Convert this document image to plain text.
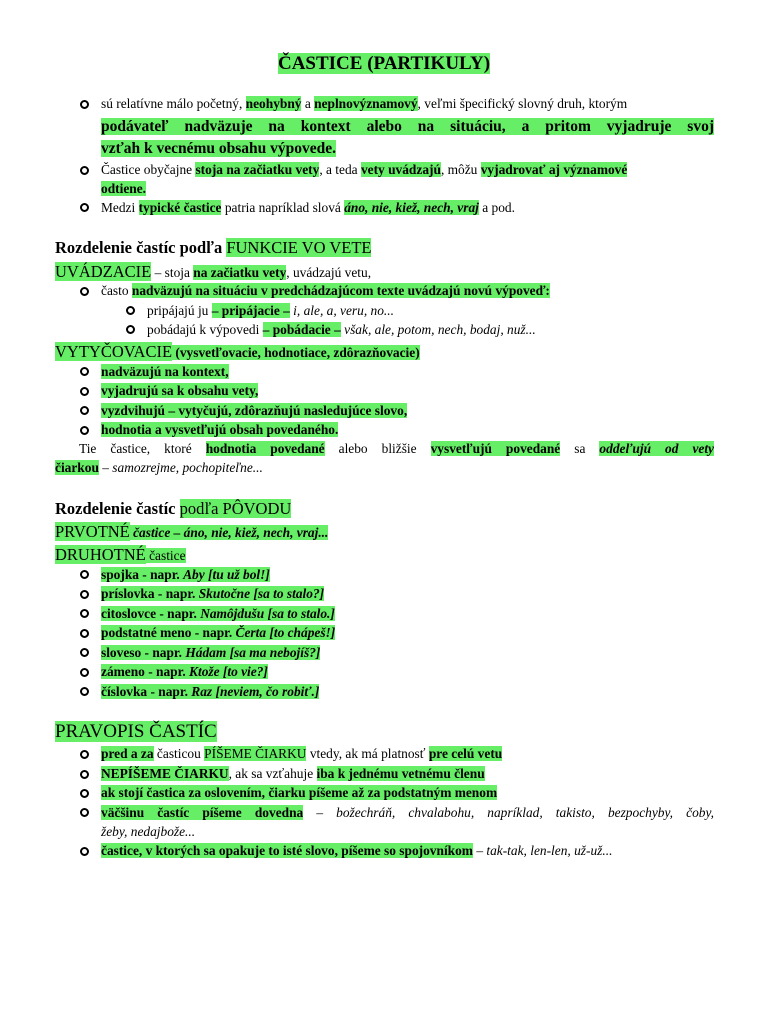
ČASTICE (PARTIKULY)
sú relatívne málo početný, neohybný a neplnovýznamový, veľmi špecifický slovný druh, ktorým
podávateľ nadväzuje na kontext alebo na situáciu, a pritom vyjadruje svoj
vzťah k vecnému obsahu výpovede.
Častice obyčajne stoja na začiatku vety, a teda vety uvádzajú, môžu vyjadrovať aj významové
odtiene.
Medzi typické častice patria napríklad slová áno, nie, kiež, nech, vraj a pod.
Rozdelenie častíc podľa FUNKCIE VO VETE
UVÁDZACIE – stoja na začiatku vety, uvádzajú vetu,
často nadväzujú na situáciu v predchádzajúcom texte uvádzajú novú výpoveď:
pripájajú ju – pripájacie – i, ale, a, veru, no...
pobádajú k výpovedi – pobádacie – však, ale, potom, nech, bodaj, nuž...
VYTYČOVACIE (vysvetľovacie, hodnotiace, zdôrazňovacie)
nadväzujú na kontext,
vyjadrujú sa k obsahu vety,
vyzdvihujú – vytyčujú, zdôrazňujú nasledujúce slovo,
hodnotia a vysvetľujú obsah povedaného.
Tie častice, ktoré hodnotia povedané alebo bližšie vysvetľujú povedané sa oddeľujú od vety
čiarkou – samozrejme, pochopiteľne...
Rozdelenie častíc podľa PÔVODU
PRVOTNÉ častice – áno, nie, kiež, nech, vraj...
DRUHOTNÉ častice
spojka - napr. Aby [tu už bol!]
príslovka - napr. Skutočne [sa to stalo?]
citoslovce - napr. Namôjdušu [sa to stalo.]
podstatné meno - napr. Čerta [to chápeš!]
sloveso - napr. Hádam [sa ma nebojíš?]
zámeno - napr. Ktože [to vie?]
číslovka - napr. Raz [neviem, čo robiť.]
PRAVOPIS ČASTÍC
pred a za časticou PÍŠEME ČIARKU vtedy, ak má platnosť pre celú vetu
NEPÍŠEME ČIARKU, ak sa vzťahuje iba k jednému vetnému členu
ak stojí častica za oslovením, čiarku píšeme až za podstatným menom
väčšinu častíc píšeme dovedna – božechráň, chvalabohu, napríklad, takisto, bezpochyby, čoby,
žeby, nedajbože...
častice, v ktorých sa opakuje to isté slovo, píšeme so spojovníkom – tak-tak, len-len, už-už...
